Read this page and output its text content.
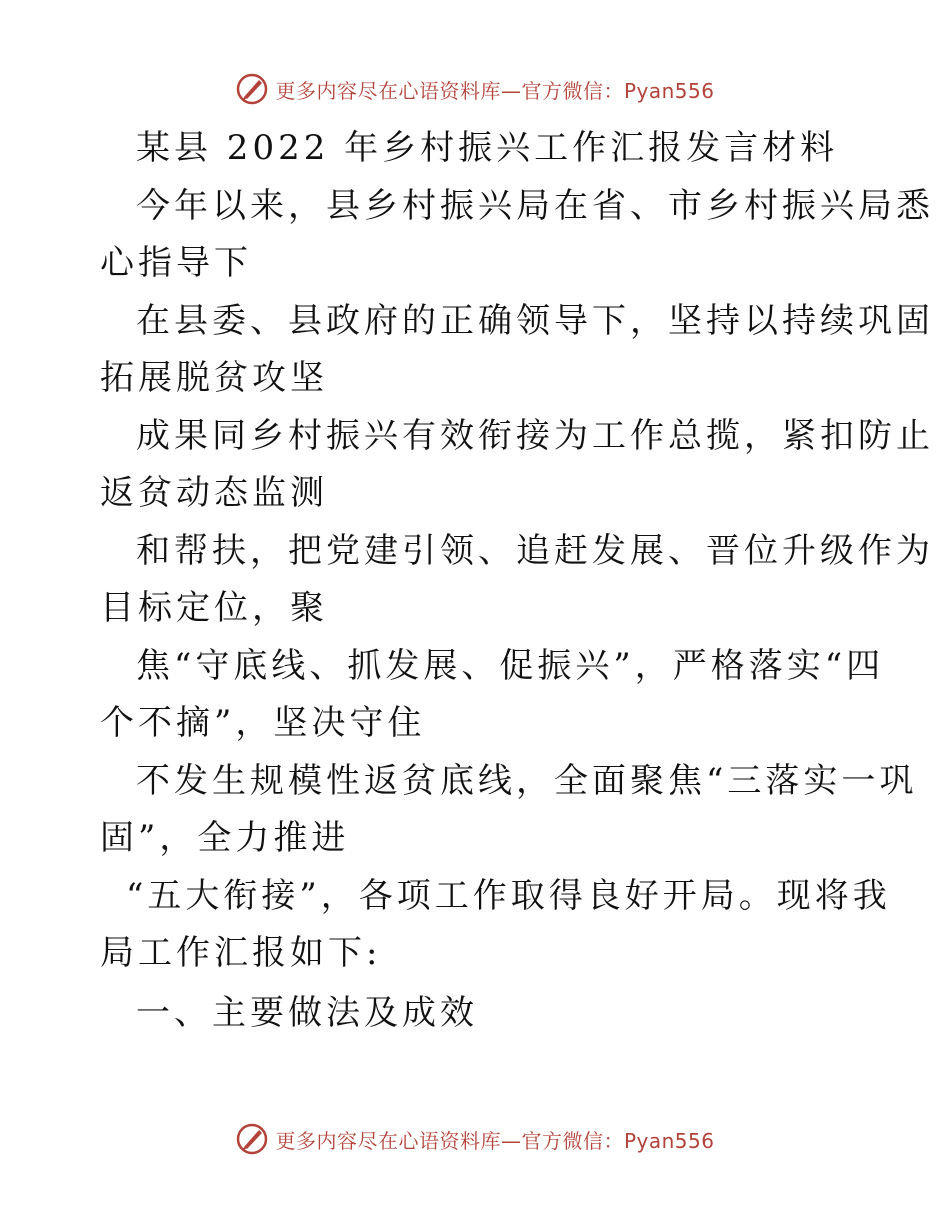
更多内容尽在心语资料库—官方微信：Pyan556

某县 2022 年乡村振兴工作汇报发言材料

今年以来，县乡村振兴局在省、市乡村振兴局悉

心指导下

在县委、县政府的正确领导下，坚持以持续巩固

拓展脱贫攻坚

成果同乡村振兴有效衔接为工作总揽，紧扣防止

返贫动态监测

和帮扶，把党建引领、追赶发展、晋位升级作为

目标定位，聚

焦“守底线、抓发展、促振兴”，严格落实“四

个不摘”，坚决守住

不发生规模性返贫底线，全面聚焦“三落实一巩

固”，全力推进

“五大衔接”，各项工作取得良好开局。现将我

局工作汇报如下:

一、主要做法及成效

更多内容尽在心语资料库—官方微信：Pyan556
